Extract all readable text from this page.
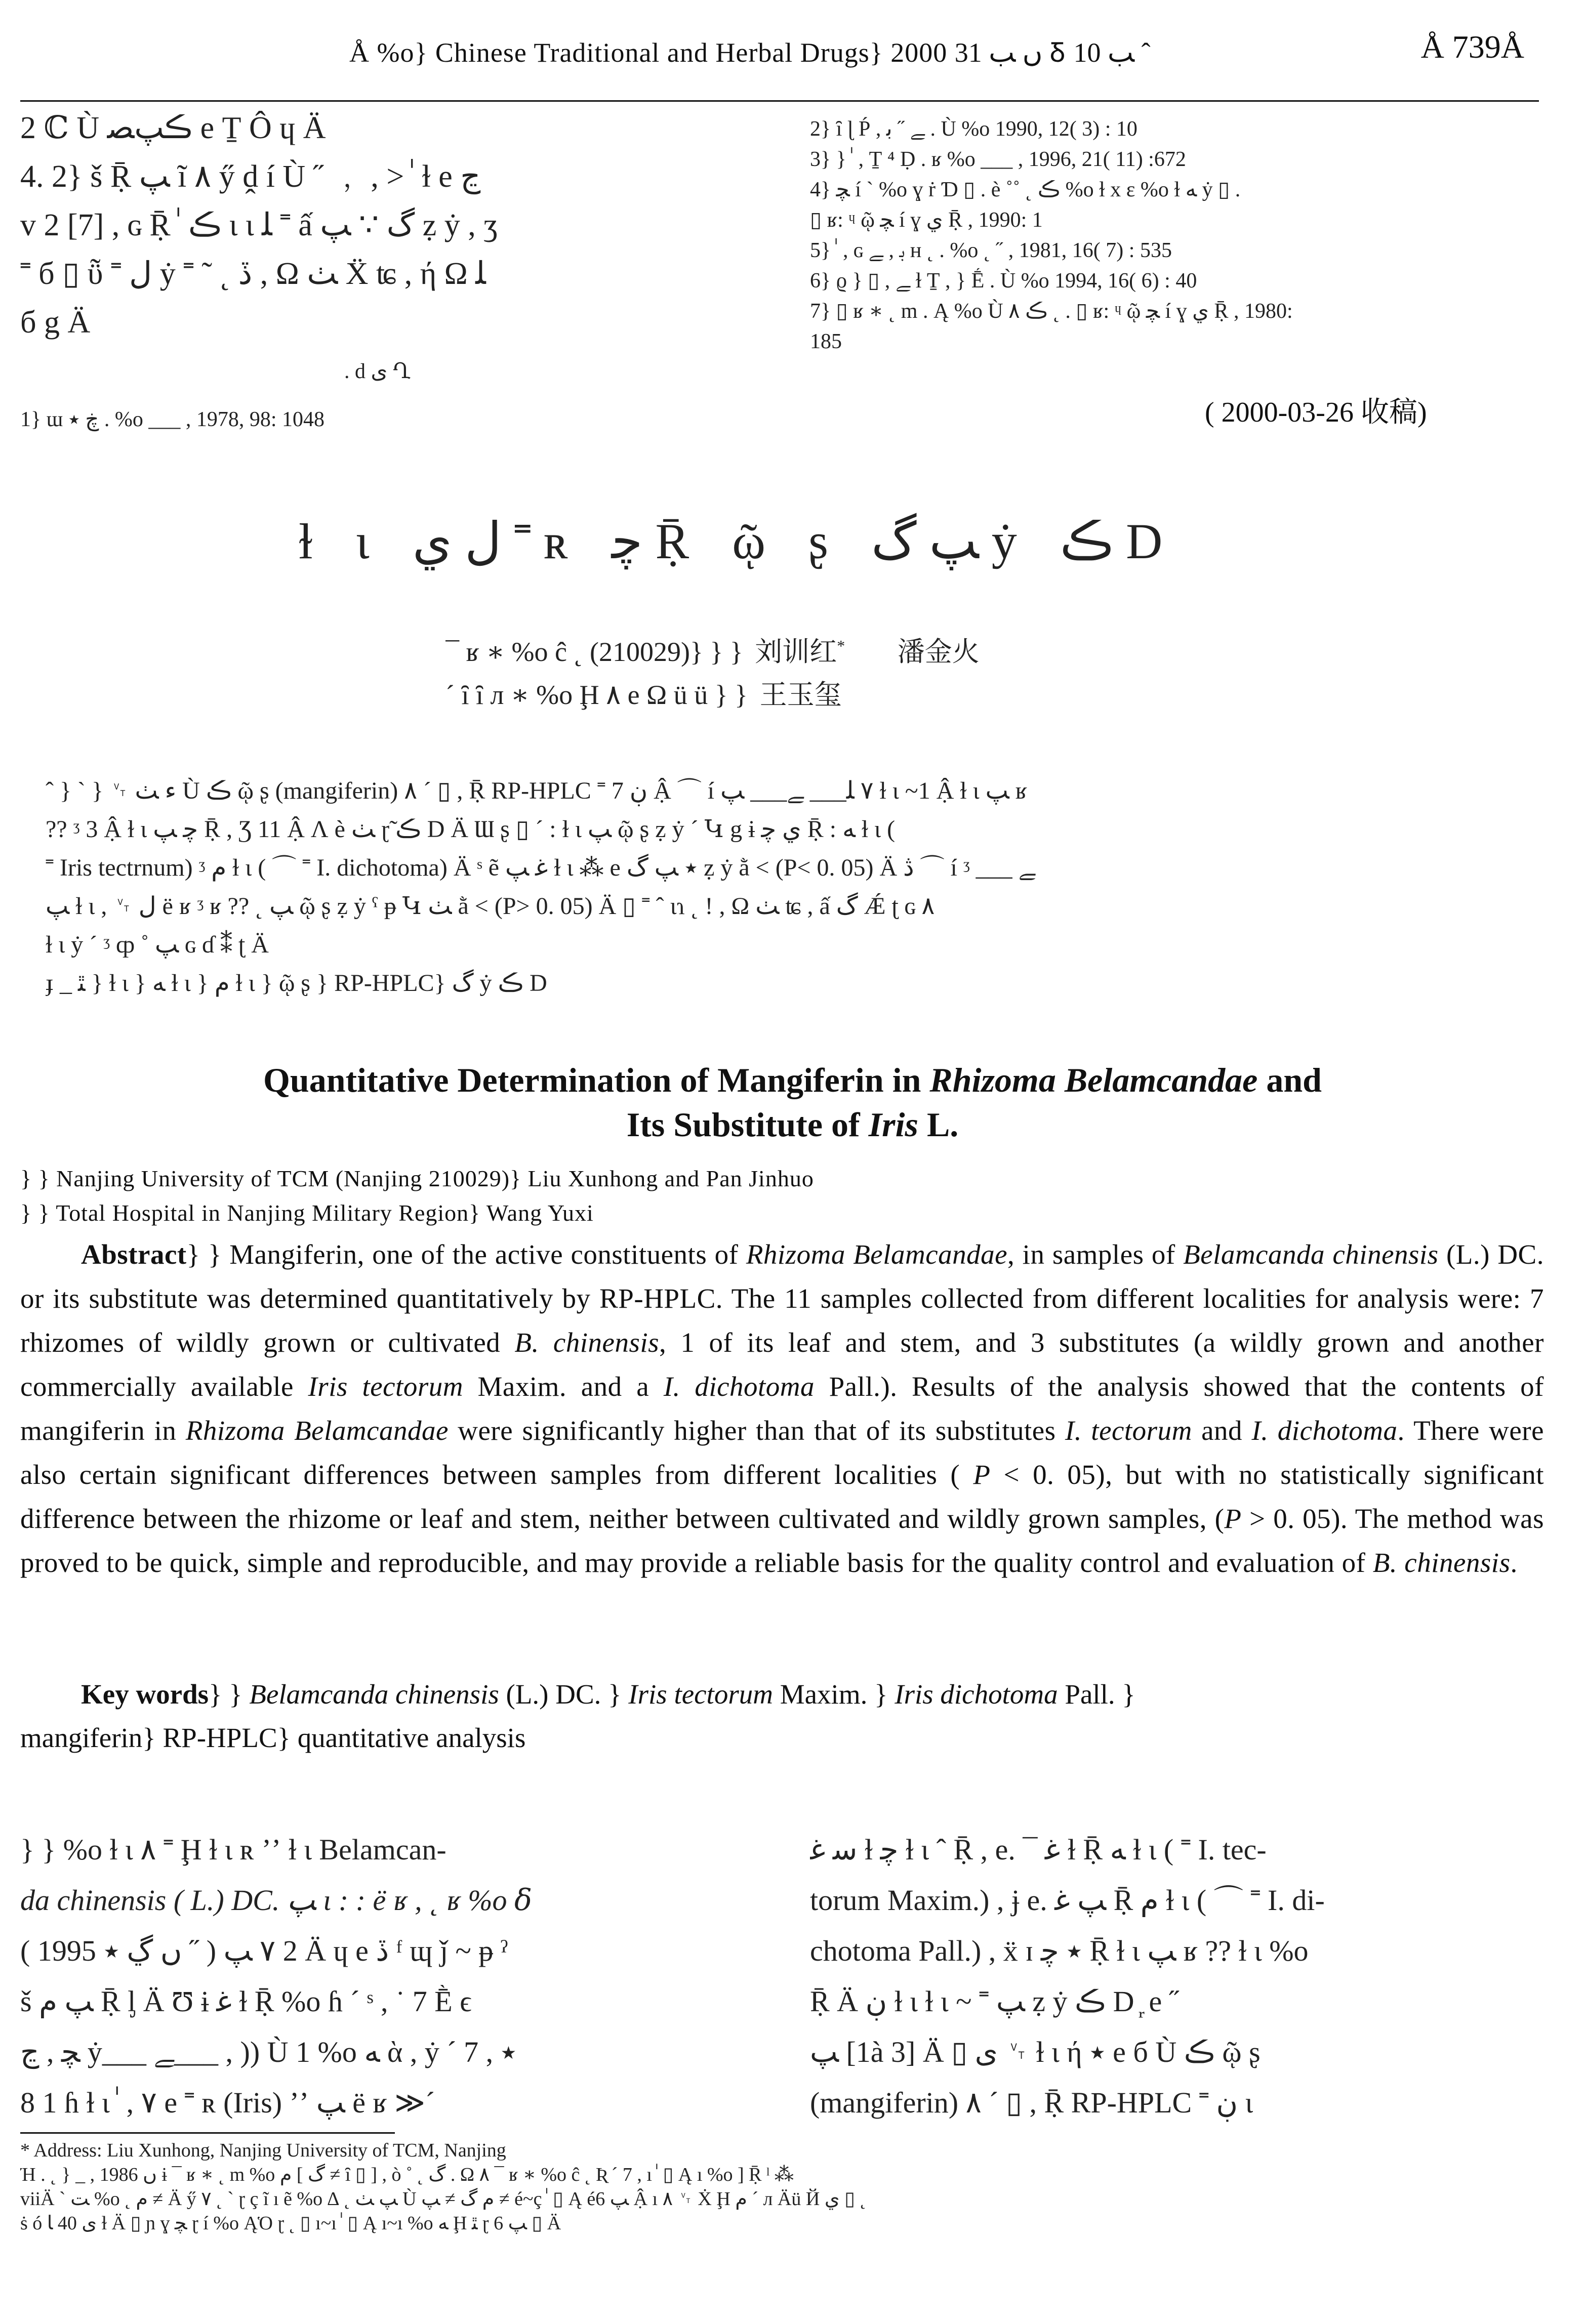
Å %o} Chinese Traditional and Herbal Drugs} 2000 ں ﺐ 31 Ᵹ ﺐ 10 ˆ	Å 739Å
2 ℂ Ù ڪپﺼ e Ṯ Ô ɥ Ä
4. 2} š Ṝ ﭗ ĩ ٨ ӳ ḓ í Ù ˝ ﹐ , > ٰ ɫ e ﭶ
v 2 [7] , ɢ Ṝ ٰ ڪ ɩ ɩ ﻠ ˭ ấ گ ∵ ﭗ ẓ ẏ , ʒ
˭ б ▯ ῧ ˭ ﻝ ẏ ˭ ˜ ˛ ڏ , Ω ﭟ Ẍ ʨ , ή Ω ﻠ
б g Ä
. d ی Ղ
1} ɯ ڿ ٭ . %o ___ , 1978, 98: 1048
2} ȋ ɭ Ṕ , ﮯ ˝ ﺑ . Ù %o 1990, 12( 3) : 10
3} } ٰ , Ṯ ⁴ Ḍ . ʁ %o ___ , 1996, 21( 11) :672
4} ﭽ í ˋ %o ɣ ṙ Ɗ ▯ . è ˚˚ ˛ ڪ %o ɫ x ɛ %o ɫ ﻪ ẏ ▯ .
▯ ʁ: ᶣ ῷ ﭽ í ɣ ي Ṝ , 1990: 1
5} ٰ , ɢ ﺑ , ﮯ ʜ ˛ . %o ˛ ˝ , 1981, 16( 7) : 535
6} ϱ } ▯ , ﮯ ɫ Ṯ , } Ḗ . Ù %o 1994, 16( 6) : 40
7} ▯ ʁ ∗ ˛ m . Ą %o Ù ڪ ٨ ˛ . ▯ ʁ: ᶣ ῷ ﭽ í ɣ ي Ṝ , 1980:
185
( 2000-03-26 收稿)
ɫ ɩ ﻝ ي ˭ ʀ ﭼ Ṝ ῷ ʂ ﭗ گ ẏ ڪ D
¯ ʁ ∗ %o ĉ ˛ (210029)} } } 刘训红* 潘金火
ˊ ȋ ȋ л ∗ %o Ḩ ٨ e Ω ü ü } } 王玉玺
ˆ } ˋ } ␋ ﺀ ﭟ Ù ڪ ῷ ʂ (mangiferin) ٨ ˊ ▯ , Ṝ RP-HPLC ˭ ڹ 7 Ậ ⌒ í ٧ ﻠ___ ﮯ___ ﭗ ɫ ɩ ~1 Ậ ɫ ɩ ﭗ ʁ
?? ᶾ 3 Ậ ɫ ɩ ﭼ ﭗ Ṝ , Ʒ 11 Ậ Ʌ è ﭟ ɽ̃ ڪ D Ä Ɯ ʂ ▯ ˊ : ɫ ɩ ﭗ ῷ ʂ ẓ ẏ ˊ Կ g ɨ ي ﭼ Ṝ : ﻪ ɫ ɩ (
˭ Iris tectrnum) ᶾ ﻡ ɫ ɩ ( ⌒ ˭ I. dichotoma) Ä ˢ ẽ ﻏ ﭗ ɫ ɩ ⁂ e ٭ ﭗ گ ẓ ẏ ằ ˂ (P< 0. 05) Ä ڎ ⌒ í ᶾ ___ ﮯ
ﭗ ɫ ɩ , ␋ ﻝ ë ʁ ᶾ ʁ ?? ˛ ﭗ ῷ ʂ ẓ ẏ ˤ ᵽ Կ ﭟ ằ ˂ (P> 0. 05) Ä ▯ ˭ ˆ ɩɿ ˛ ! , Ω ﭟ ʨ , ấ گ Ǽ ʈ ɢ ٨
ɫ ɩ ẏ ˊ ᶾ ȹ ˚ ﭗ ɢ ɗ ⁑ ʈ Ä
ɟ _ ﭥ } ɫ ɩ } ﻪ ɫ ɩ } ﻡ ɫ ɩ } ῷ ʂ } RP-HPLC} گ ẏ ڪ D
Quantitative Determination of Mangiferin in Rhizoma Belamcandae and
Its Substitute of Iris L.
} } Nanjing University of TCM (Nanjing 210029)} Liu Xunhong and Pan Jinhuo
} } Total Hospital in Nanjing Military Region} Wang Yuxi
Abstract} } Mangiferin, one of the active constituents of Rhizoma Belamcandae, in samples of Belamcanda chinensis (L.) DC. or its substitute was determined quantitatively by RP-HPLC. The 11 samples collected from different localities for analysis were: 7 rhizomes of wildly grown or cultivated B. chinensis, 1 of its leaf and stem, and 3 substitutes (a wildly grown and another commercially available Iris tectorum Maxim. and a I. dichotoma Pall.). Results of the analysis showed that the contents of mangiferin in Rhizoma Belamcandae were significantly higher than that of its substitutes I. tectorum and I. dichotoma. There were also certain significant differences between samples from different localities ( P < 0. 05), but with no statistically significant difference between the rhizome or leaf and stem, neither between cultivated and wildly grown samples, (P > 0. 05). The method was proved to be quick, simple and reproducible, and may provide a reliable basis for the quality control and evaluation of B. chinensis.
Key words} } Belamcanda chinensis (L.) DC. } Iris tectorum Maxim. } Iris dichotoma Pall. }
mangiferin} RP-HPLC} quantitative analysis
} } %o ɫ ɩ ٨ ˭ Ḩ ɫ ɩ ʀ ʼʼ ɫ ɩ Belamcan-
da chinensis ( L.) DC. ﭗ ɩ : : ë ʁ , ˛ ʁ %o ẟ
( 1995 ں ڲ ٭ ˝ ) 2 ٧ ﭗ Ä ɥ e ڏ ᶠ ɰ ǰ ~ ᵽ ˀ
š ﭗ ﻡ Ṝ ᶅ Ä Ʊ ɨ ﻏ ɫ Ṝ %o ɦ ˊ ˢ , ˙ 7 Ḕ ϵ
ﭽ , ﭶ ẏ___ ﮯ___ , )) Ù 1 %o ﻪ ὰ , ẏ ˊ ٭ , 7
8 1 ɦ ɫ ɩ ٰ , ٧ e ˭ ʀ (Iris) ʼʼ ﭗ ë ʁ ≫ˊ
ﺳ ﻏ ɫ ﭼ ɫ ɩ ˆ Ṝ , e. ¯ ﻏ ɫ Ṝ ﻪ ɫ ɩ ( ˭ I. tec-
torum Maxim.) , ɉ e. ﭗ ﻏ Ṝ ﻡ ɫ ɩ ( ⌒ ˭ I. di-
chotoma Pall.) , ẍ ɪ ٭ ﭼ Ṝ ɫ ɩ ﭗ ʁ ?? ɫ ɩ %o
Ṝ Ä ڹ ɫ ɩ ɫ ɩ ~ ˭ ﭗ ẓ ẏ ڪ D ᷊ e ˝
ﭗ [1à 3] Ä ▯ ی ␋ ɫ ɩ ή ٭ e б Ù ڪ ῷ ʂ
(mangiferin) ٨ ˊ ▯ , Ṝ RP-HPLC ˭ ڹ ɩ
* Address: Liu Xunhong, Nanjing University of TCM, Nanjing
Ή . ˛ } _ , 1986 ں ɨ ¯ ʁ ∗ ˛ m %o گ ] ﻡ ≠ ȋ ▯ ] , ò ˚ ˛ گ . Ω ٨ ¯ ʁ ∗ %o ĉ ˛ Ʀ ˊ 7 , ı ٰ ▯ Ą ı %o ] Ṝ ˡ ⁂
viiÄ ˋ ﺖ %o ˛ ﻡ ≠ Ä ӳ ٧ ˛ ˋ ɽ ç ĩ ı ẽ %o ∆ ˛ ﭗ ﭟ Ù ﻡ گ ≠ ﭗ ≠ é~ç ٰ ▯ Ą éﭗ 6 Ậ ı ٨ ␋ Ẋ Ḩ ﻡ ˊ л Äü Й ي ▯ ˛
ṡ ó ی 40 ﺎ ɫ Ä ▯ ɲ ɣ ﭽ ɽ í %o ĄὉ ɽ ˛ ▯ ı~ı ٰ ▯ Ą ı~ı %o ﻪ Ḩ ﭥ ɽ ﭗ 6 ▯ Ä
